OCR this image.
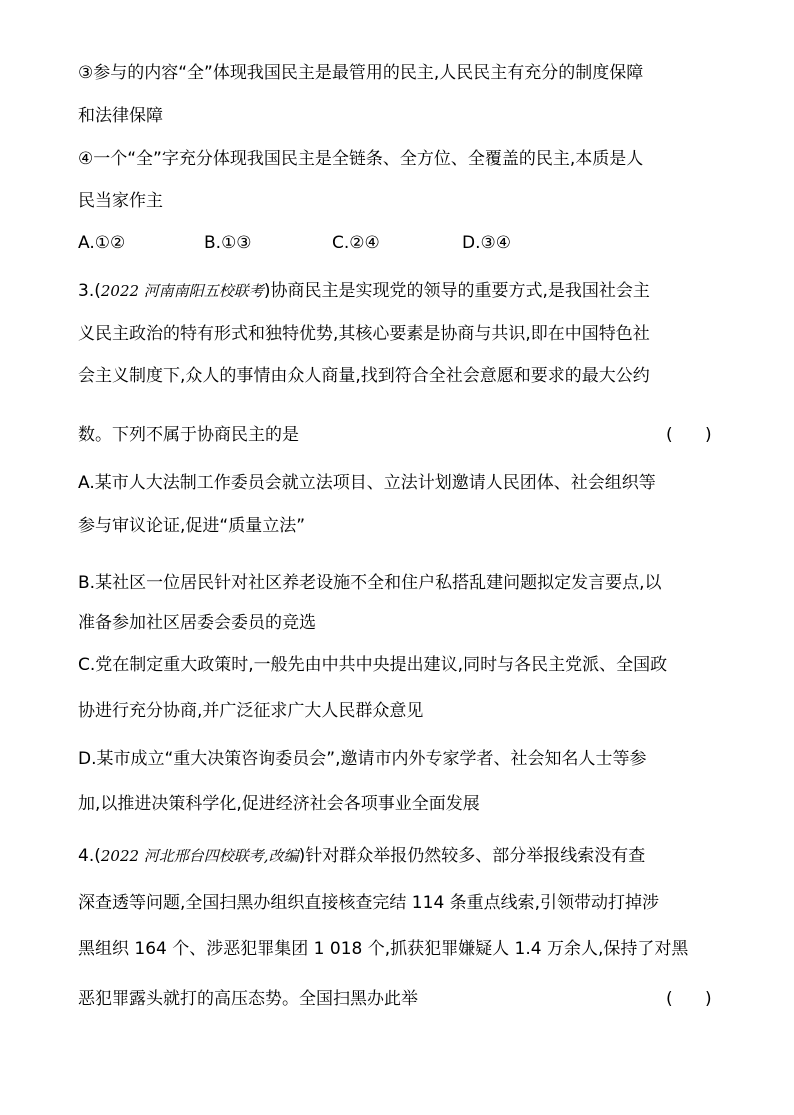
③参与的内容“全”体现我国民主是最管用的民主,人民民主有充分的制度保障
和法律保障
④一个“全”字充分体现我国民主是全链条、全方位、全覆盖的民主,本质是人
民当家作主
A.①②	B.①③	C.②④	D.③④
3.(2022 河南南阳五校联考)协商民主是实现党的领导的重要方式,是我国社会主
义民主政治的特有形式和独特优势,其核心要素是协商与共识,即在中国特色社
会主义制度下,众人的事情由众人商量,找到符合全社会意愿和要求的最大公约
数。下列不属于协商民主的是	(      )
A.某市人大法制工作委员会就立法项目、立法计划邀请人民团体、社会组织等
参与审议论证,促进“质量立法”
B.某社区一位居民针对社区养老设施不全和住户私搭乱建问题拟定发言要点,以
准备参加社区居委会委员的竞选
C.党在制定重大政策时,一般先由中共中央提出建议,同时与各民主党派、全国政
协进行充分协商,并广泛征求广大人民群众意见
D.某市成立“重大决策咨询委员会”,邀请市内外专家学者、社会知名人士等参
加,以推进决策科学化,促进经济社会各项事业全面发展
4.(2022 河北邢台四校联考,改编)针对群众举报仍然较多、部分举报线索没有查
深查透等问题,全国扫黑办组织直接核查完结 114 条重点线索,引领带动打掉涉
黑组织 164 个、涉恶犯罪集团 1 018 个,抓获犯罪嫌疑人 1.4 万余人,保持了对黑
恶犯罪露头就打的高压态势。全国扫黑办此举	(      )
